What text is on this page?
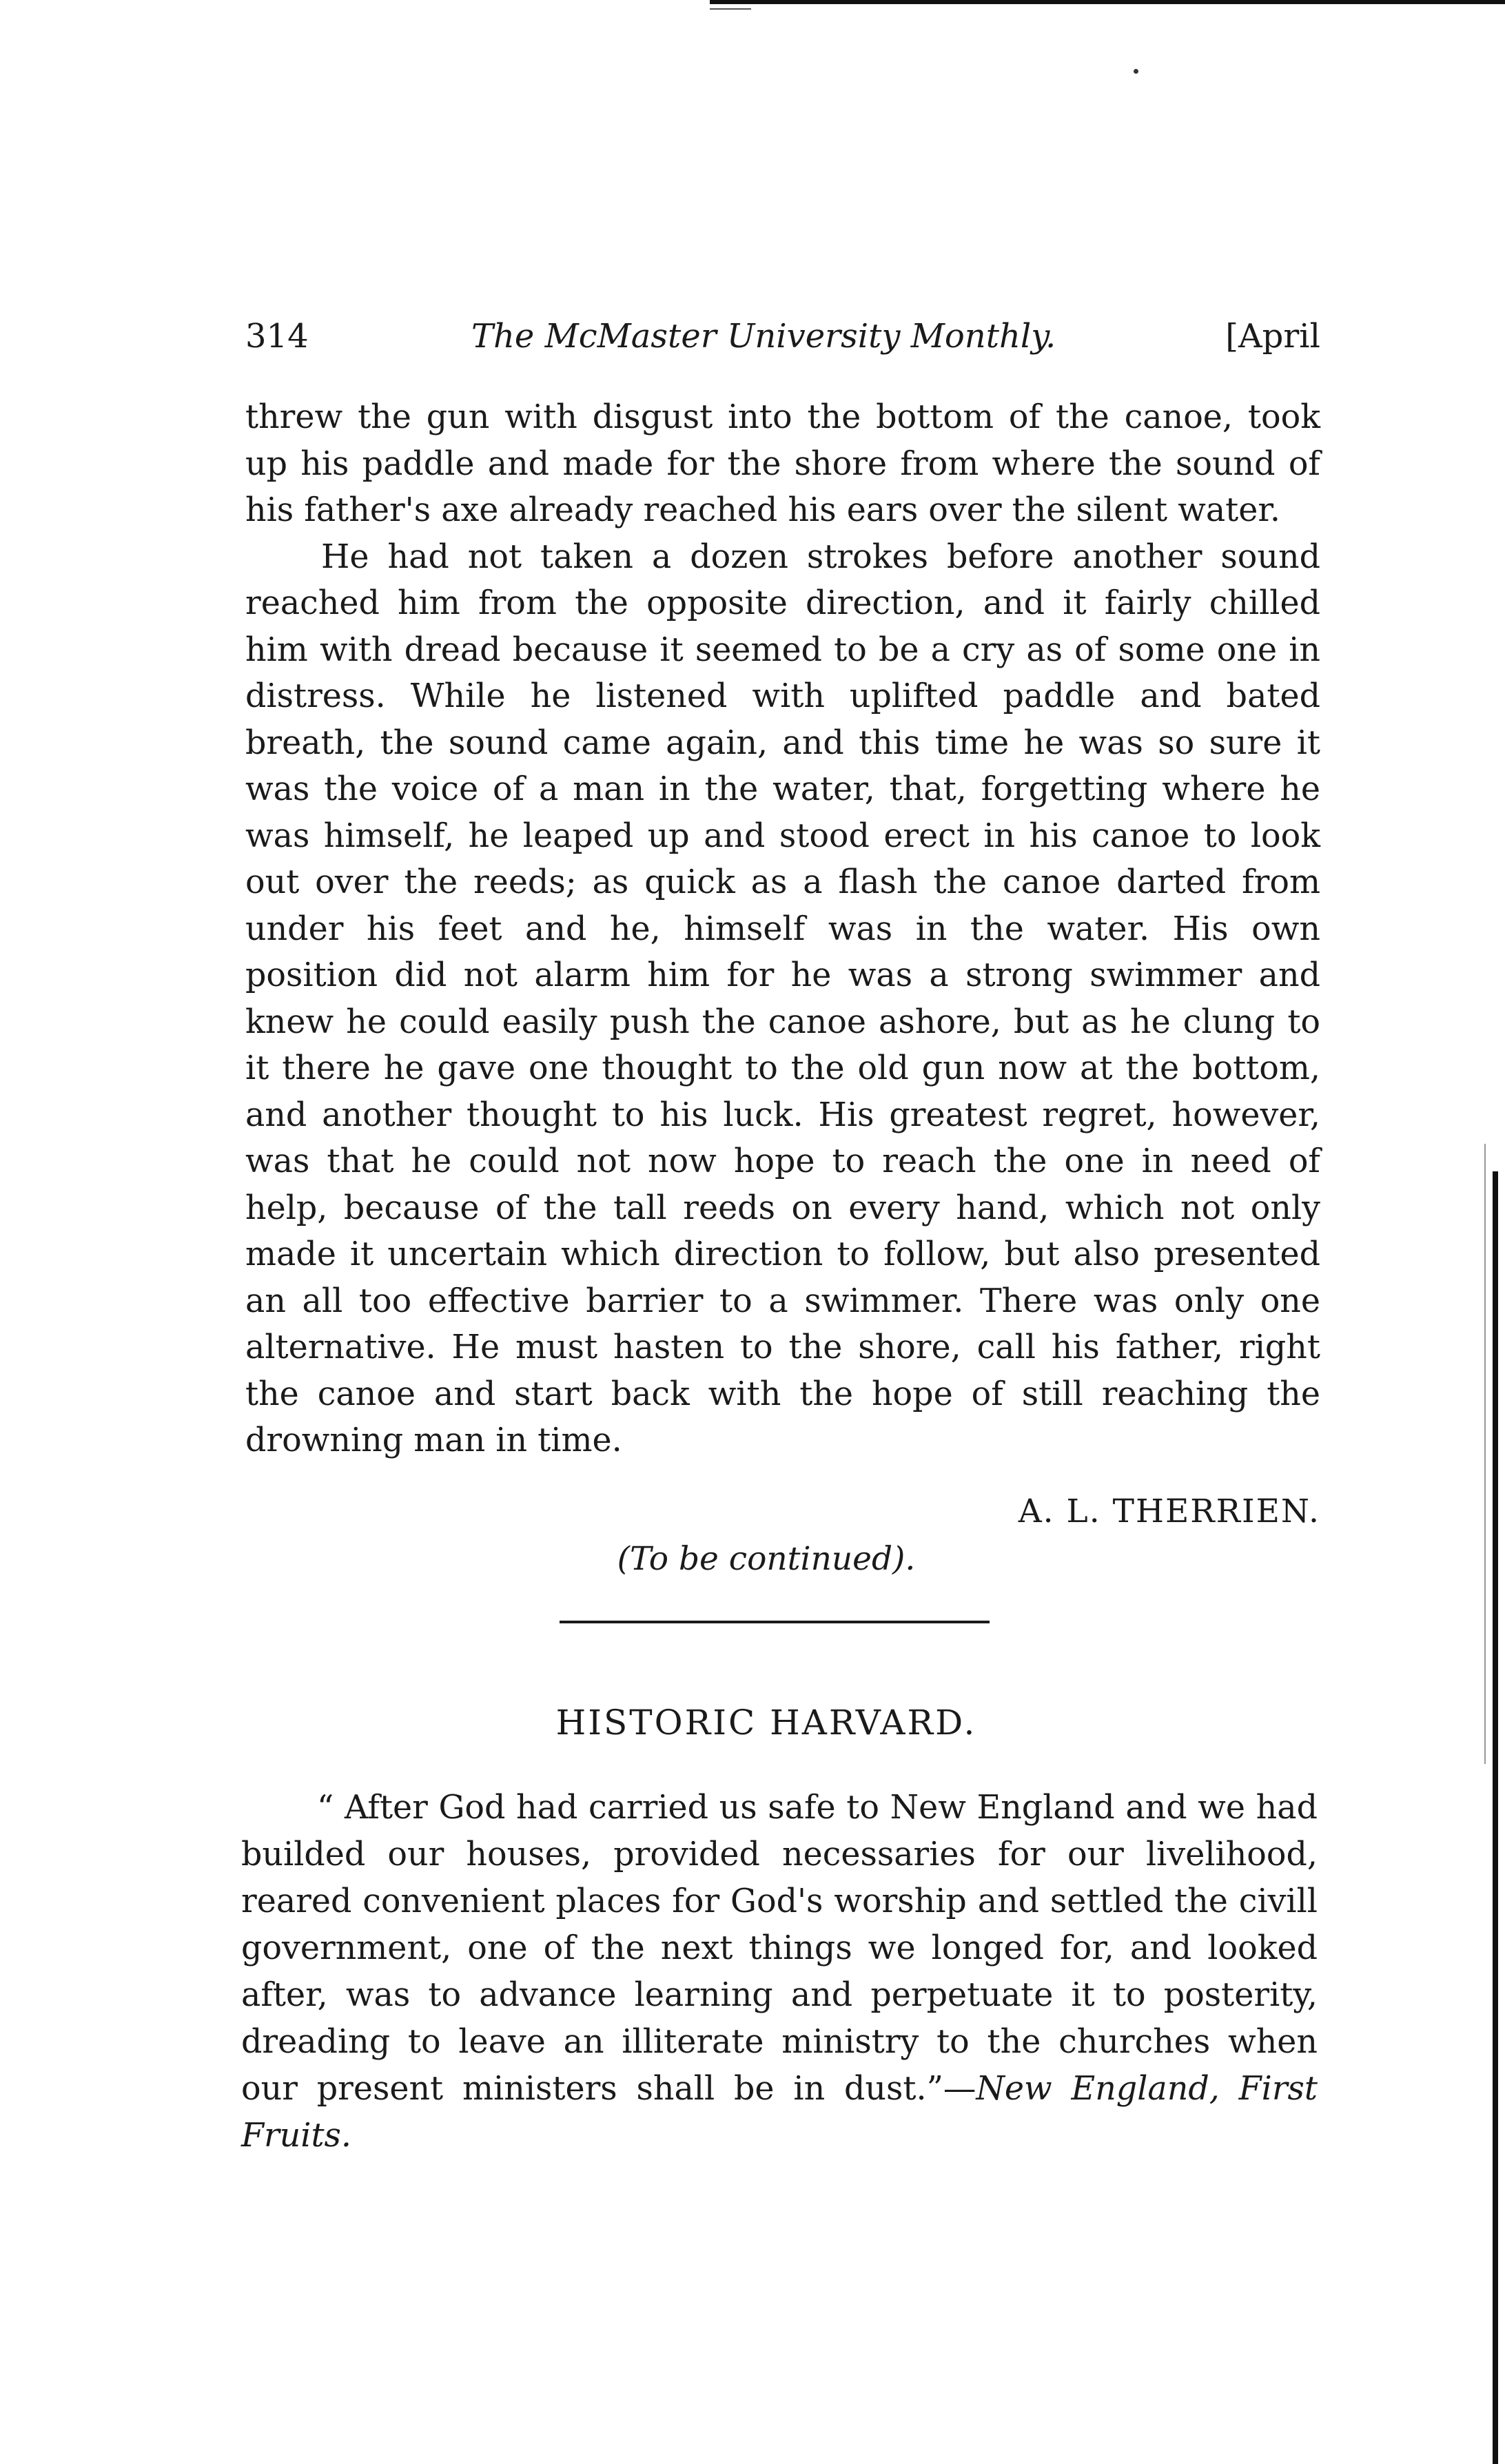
314	The McMaster University Monthly.	[April

threw the gun with disgust into the bottom of the canoe, took up his paddle and made for the shore from where the sound of his father's axe already reached his ears over the silent water.

He had not taken a dozen strokes before another sound reached him from the opposite direction, and it fairly chilled him with dread because it seemed to be a cry as of some one in distress. While he listened with uplifted paddle and bated breath, the sound came again, and this time he was so sure it was the voice of a man in the water, that, forgetting where he was himself, he leaped up and stood erect in his canoe to look out over the reeds; as quick as a flash the canoe darted from under his feet and he, himself was in the water. His own position did not alarm him for he was a strong swimmer and knew he could easily push the canoe ashore, but as he clung to it there he gave one thought to the old gun now at the bottom, and another thought to his luck. His greatest regret, however, was that he could not now hope to reach the one in need of help, because of the tall reeds on every hand, which not only made it uncertain which direction to follow, but also presented an all too effective barrier to a swimmer. There was only one alternative. He must hasten to the shore, call his father, right the canoe and start back with the hope of still reaching the drowning man in time.

A. L. THERRIEN.
(To be continued).
HISTORIC HARVARD.

“ After God had carried us safe to New England and we had builded our houses, provided necessaries for our livelihood, reared convenient places for God's worship and settled the civill government, one of the next things we longed for, and looked after, was to advance learning and perpetuate it to posterity, dreading to leave an illiterate ministry to the churches when our present ministers shall be in dust.”—New England, First Fruits.
